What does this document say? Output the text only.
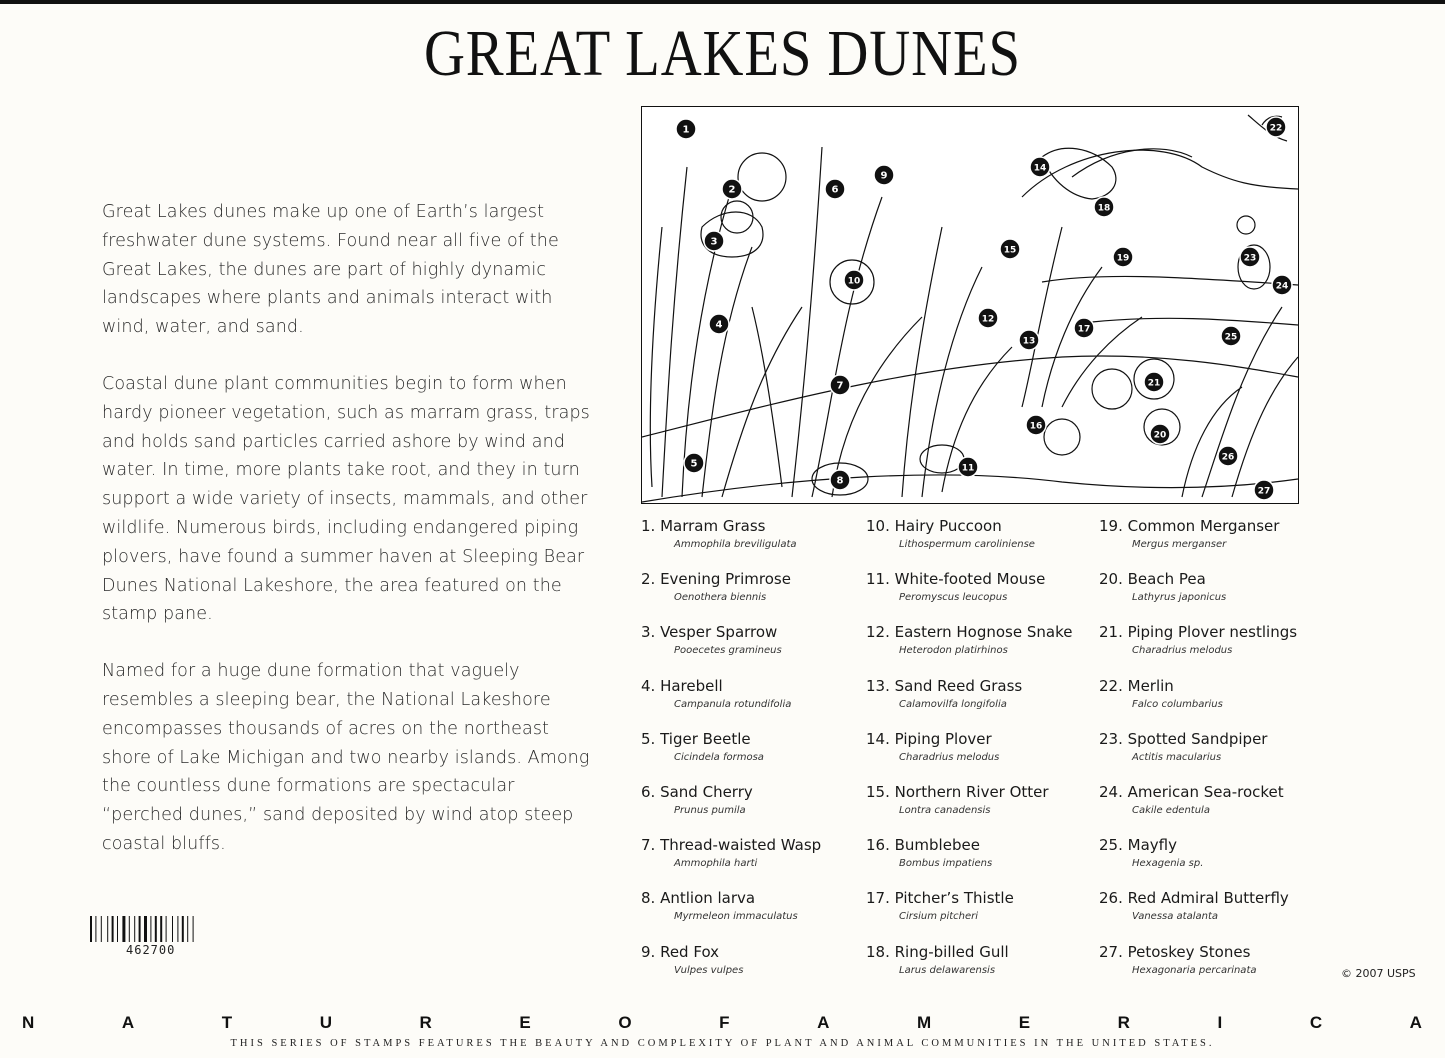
GREAT LAKES DUNES

Great Lakes dunes make up one of Earth’s largest freshwater dune systems. Found near all five of the Great Lakes, the dunes are part of highly dynamic landscapes where plants and animals interact with wind, water, and sand.

Coastal dune plant communities begin to form when hardy pioneer vegetation, such as marram grass, traps and holds sand particles carried ashore by wind and water. In time, more plants take root, and they in turn support a wide variety of insects, mammals, and other wildlife. Numerous birds, including endangered piping plovers, have found a summer haven at Sleeping Bear Dunes National Lakeshore, the area featured on the stamp pane.

Named for a huge dune formation that vaguely resembles a sleeping bear, the National Lakeshore encompasses thousands of acres on the northeast shore of Lake Michigan and two nearby islands. Among the countless dune formations are spectacular “perched dunes,” sand deposited by wind atop steep coastal bluffs.

1
2
3
4
5
6
7
8
9
10
11
12
13
14
15
16
17
18
19
20
21
22
23
24
25
26
27
1. Marram Grass
Ammophila breviligulata
2. Evening Primrose
Oenothera biennis
3. Vesper Sparrow
Pooecetes gramineus
4. Harebell
Campanula rotundifolia
5. Tiger Beetle
Cicindela formosa
6. Sand Cherry
Prunus pumila
7. Thread-waisted Wasp
Ammophila harti
8. Antlion larva
Myrmeleon immaculatus
9. Red Fox
Vulpes vulpes
10. Hairy Puccoon
Lithospermum caroliniense
11. White-footed Mouse
Peromyscus leucopus
12. Eastern Hognose Snake
Heterodon platirhinos
13. Sand Reed Grass
Calamovilfa longifolia
14. Piping Plover
Charadrius melodus
15. Northern River Otter
Lontra canadensis
16. Bumblebee
Bombus impatiens
17. Pitcher’s Thistle
Cirsium pitcheri
18. Ring-billed Gull
Larus delawarensis
19. Common Merganser
Mergus merganser
20. Beach Pea
Lathyrus japonicus
21. Piping Plover nestlings
Charadrius melodus
22. Merlin
Falco columbarius
23. Spotted Sandpiper
Actitis macularius
24. American Sea-rocket
Cakile edentula
25. Mayfly
Hexagenia sp.
26. Red Admiral Butterfly
Vanessa atalanta
27. Petoskey Stones
Hexagonaria percarinata	© 2007 USPS
462700
N	A	T	U	R	E	O	F	A	M	E	R	I	C	A
THIS SERIES OF STAMPS FEATURES THE BEAUTY AND COMPLEXITY OF PLANT AND ANIMAL COMMUNITIES IN THE UNITED STATES.
